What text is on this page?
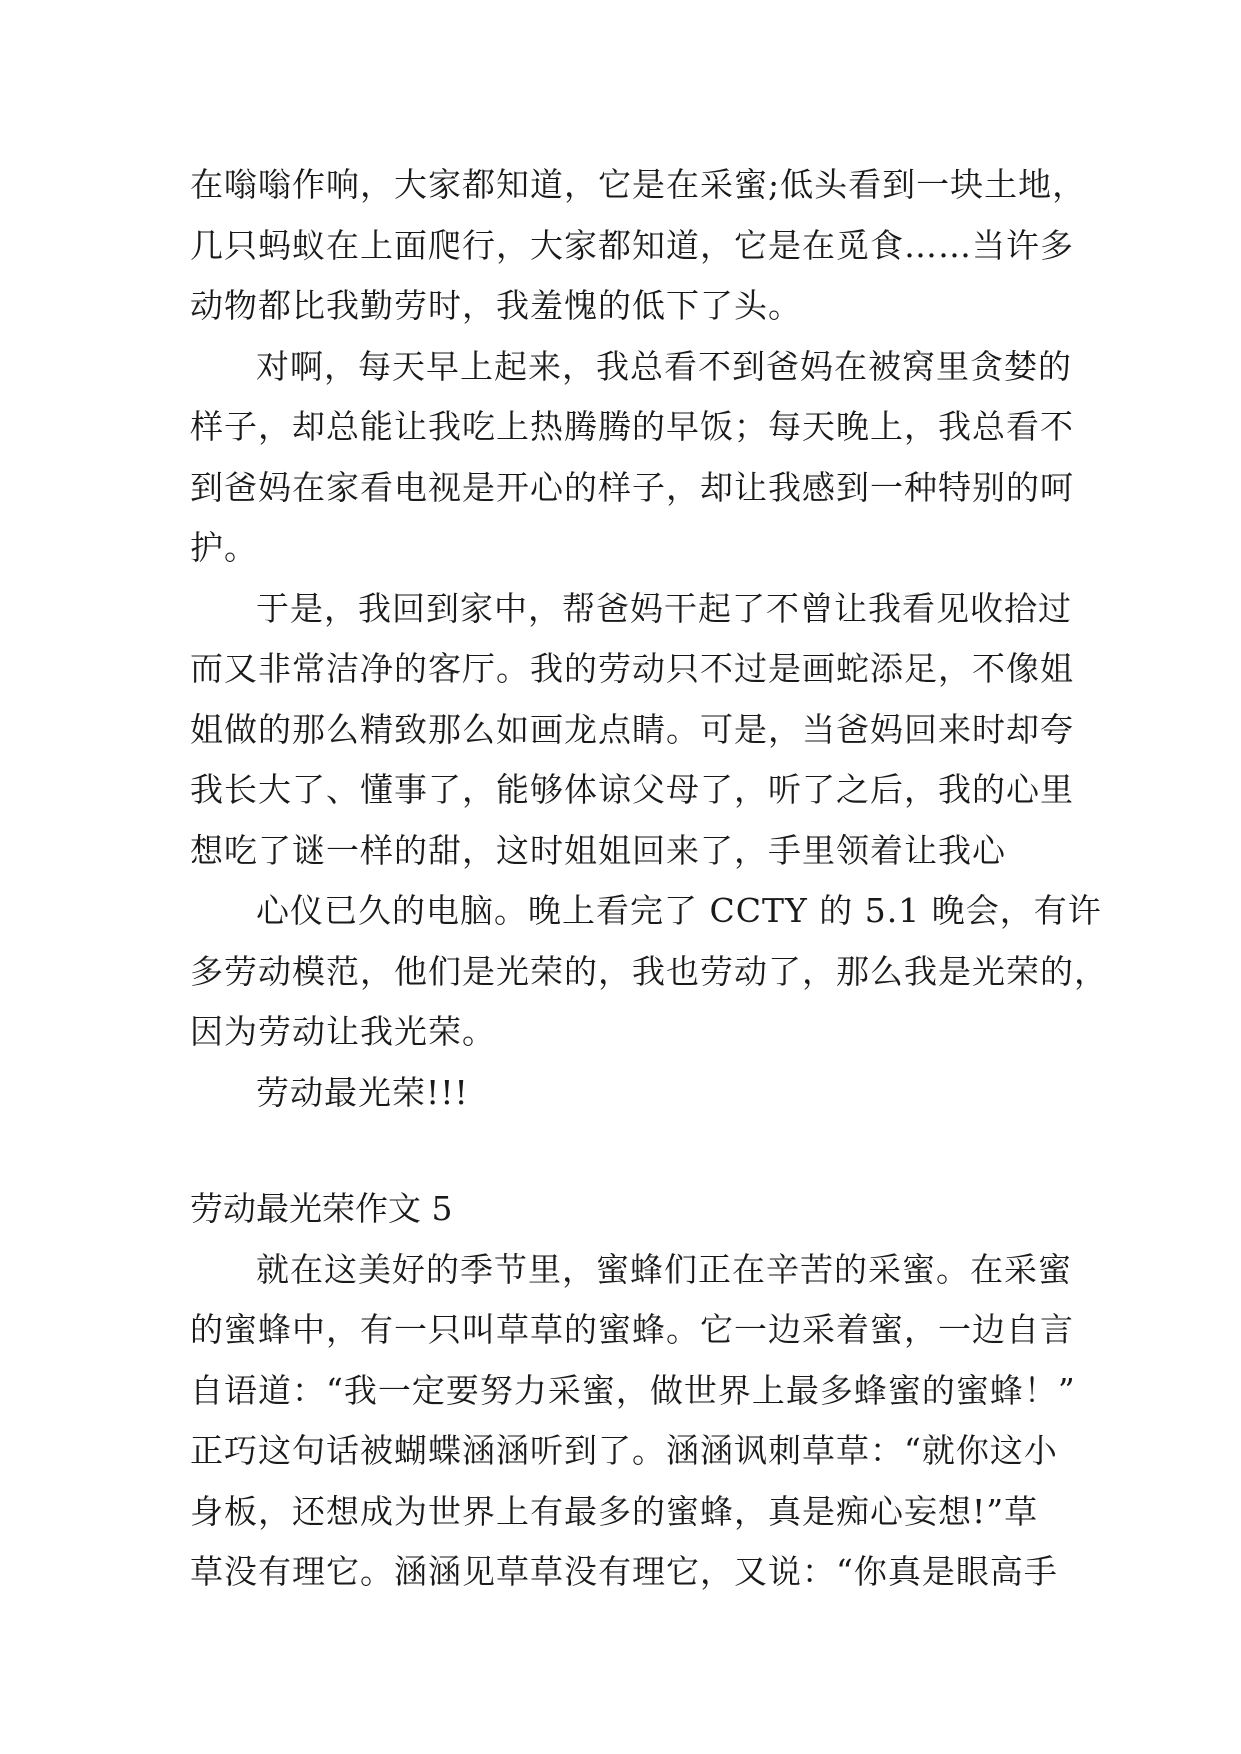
在嗡嗡作响，大家都知道，它是在采蜜;低头看到一块土地，
几只蚂蚁在上面爬行，大家都知道，它是在觅食……当许多
动物都比我勤劳时，我羞愧的低下了头。
对啊，每天早上起来，我总看不到爸妈在被窝里贪婪的
样子，却总能让我吃上热腾腾的早饭；每天晚上，我总看不
到爸妈在家看电视是开心的样子，却让我感到一种特别的呵
护。
于是，我回到家中，帮爸妈干起了不曾让我看见收拾过
而又非常洁净的客厅。我的劳动只不过是画蛇添足，不像姐
姐做的那么精致那么如画龙点睛。可是，当爸妈回来时却夸
我长大了、懂事了，能够体谅父母了，听了之后，我的心里
想吃了谜一样的甜，这时姐姐回来了，手里领着让我心
心仪已久的电脑。晚上看完了 CCTY 的 5.1 晚会，有许
多劳动模范，他们是光荣的，我也劳动了，那么我是光荣的，
因为劳动让我光荣。
劳动最光荣!!!
劳动最光荣作文 5
就在这美好的季节里，蜜蜂们正在辛苦的采蜜。在采蜜
的蜜蜂中，有一只叫草草的蜜蜂。它一边采着蜜，一边自言
自语道：“我一定要努力采蜜，做世界上最多蜂蜜的蜜蜂！”
正巧这句话被蝴蝶涵涵听到了。涵涵讽刺草草：“就你这小
身板，还想成为世界上有最多的蜜蜂，真是痴心妄想!”草
草没有理它。涵涵见草草没有理它，又说：“你真是眼高手
